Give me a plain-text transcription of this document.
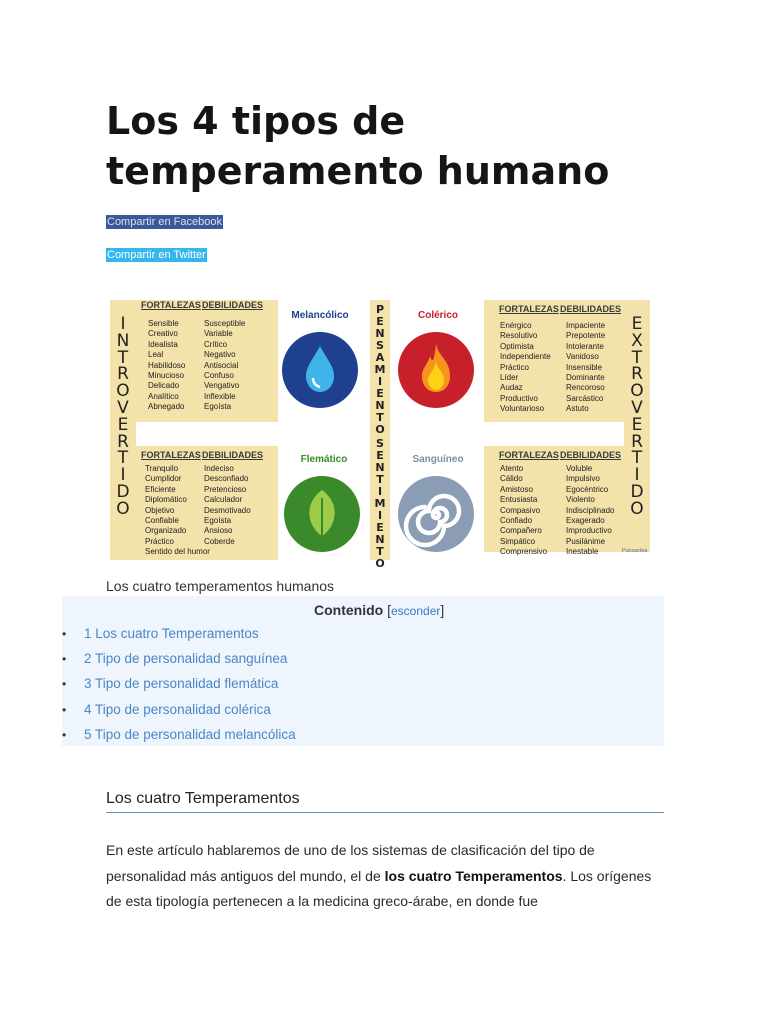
Los 4 tipos de temperamento humano
Compartir en Facebook
Compartir en Twitter
I
N
T
R
O
V
E
R
T
I
D
O
E
X
T
R
O
V
E
R
T
I
D
O
P
E
N
S
A
M
I
E
N
T
O
S
E
N
T
I
M
I
E
N
T
O
FORTALEZAS DEBILIDADES
FORTALEZAS DEBILIDADES
FORTALEZAS DEBILIDADES
FORTALEZAS DEBILIDADES
Sensible
Creativo
Idealista
Leal
Habilidoso
Minucioso
Delicado
Analítico
Abnegado
Susceptible
Variable
Crítico
Negativo
Antisocial
Confuso
Vengativo
Inflexible
Egoísta
Tranquilo
Cumplidor
Eficiente
Diplomático
Objetivo
Confiable
Organizado
Práctico
Sentido del humor
Indeciso
Desconfiado
Pretencioso
Calculador
Desmotivado
Egoísta
Ansioso
Coberde
Enérgico
Resolutivo
Optimista
Independiente
Práctico
Líder
Audaz
Productivo
Voluntarioso
Impaciente
Prepotente
Intolerante
Vanidoso
Insensible
Dominante
Rencoroso
Sarcástico
Astuto
Atento
Cálido
Amistoso
Entusiasta
Compasivo
Confiado
Compañero
Simpático
Comprensivo
Voluble
Impulsivo
Egocéntrico
Violento
Indisciplinado
Exagerado
Improductivo
Pusilánime
Inestable
Melancólico	Colérico
Flemático	Sanguíneo
Psicoactiva
Los cuatro temperamentos humanos
Contenido [esconder]
• 1 Los cuatro Temperamentos
• 2 Tipo de personalidad sanguínea
• 3 Tipo de personalidad flemática
• 4 Tipo de personalidad colérica
• 5 Tipo de personalidad melancólica
Los cuatro Temperamentos

En este artículo hablaremos de uno de los sistemas de clasificación del tipo de personalidad más antiguos del mundo, el de los cuatro Temperamentos. Los orígenes de esta tipología pertenecen a la medicina greco-árabe, en donde fue
